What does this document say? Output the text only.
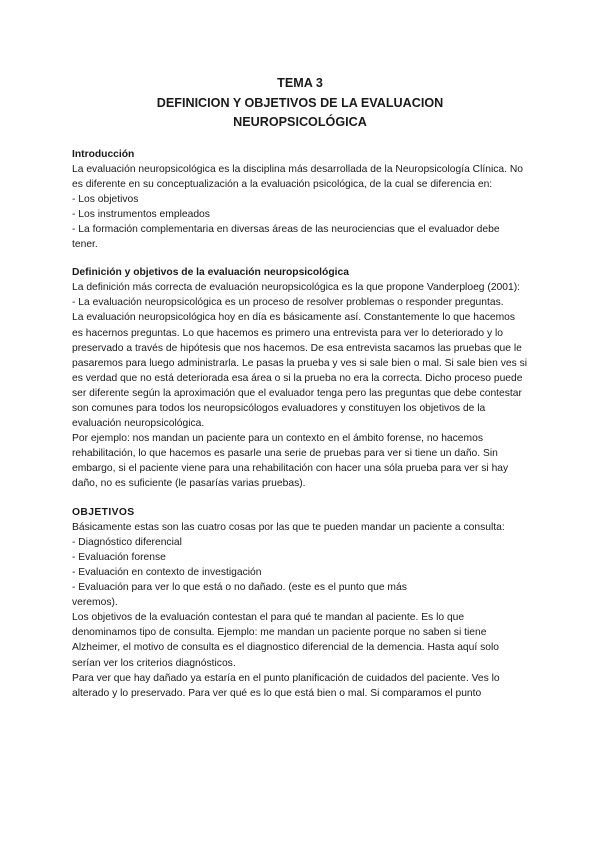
TEMA 3

DEFINICION Y OBJETIVOS DE LA EVALUACION

NEUROPSICOLÓGICA

Introducción

La evaluación neuropsicológica es la disciplina más desarrollada de la Neuropsicología Clínica. No es diferente en su conceptualización a la evaluación psicológica, de la cual se diferencia en:

- Los objetivos

- Los instrumentos empleados

- La formación complementaria en diversas áreas de las neurociencias que el evaluador debe tener.

Definición y objetivos de la evaluación neuropsicológica

La definición más correcta de evaluación neuropsicológica es la que propone Vanderploeg (2001):

- La evaluación neuropsicológica es un proceso de resolver problemas o responder preguntas.

La evaluación neuropsicológica hoy en día es básicamente así. Constantemente lo que hacemos es hacernos preguntas. Lo que hacemos es primero una entrevista para ver lo deteriorado y lo preservado a través de hipótesis que nos hacemos. De esa entrevista sacamos las pruebas que le pasaremos para luego administrarla. Le pasas la prueba y ves si sale bien o mal. Si sale bien ves si es verdad que no está deteriorada esa área o si la prueba no era la correcta. Dicho proceso puede ser diferente según la aproximación que el evaluador tenga pero las preguntas que debe contestar son comunes para todos los neuropsicólogos evaluadores y constituyen los objetivos de la evaluación neuropsicológica.

Por ejemplo: nos mandan un paciente para un contexto en el ámbito forense, no hacemos rehabilitación, lo que hacemos es pasarle una serie de pruebas para ver si tiene un daño. Sin embargo, si el paciente viene para una rehabilitación con hacer una sóla prueba para ver si hay daño, no es suficiente (le pasarías varias pruebas).

OBJETIVOS

Básicamente estas son las cuatro cosas por las que te pueden mandar un paciente a consulta:

- Diagnóstico diferencial

- Evaluación forense

- Evaluación en contexto de investigación

- Evaluación para ver lo que está o no dañado. (este es el punto que más

veremos).

Los objetivos de la evaluación contestan el para qué te mandan al paciente. Es lo que denominamos tipo de consulta. Ejemplo: me mandan un paciente porque no saben si tiene Alzheimer, el motivo de consulta es el diagnostico diferencial de la demencia. Hasta aquí solo serían ver los criterios diagnósticos.

Para ver que hay dañado ya estaría en el punto planificación de cuidados del paciente. Ves lo alterado y lo preservado. Para ver qué es lo que está bien o mal. Si comparamos el punto
